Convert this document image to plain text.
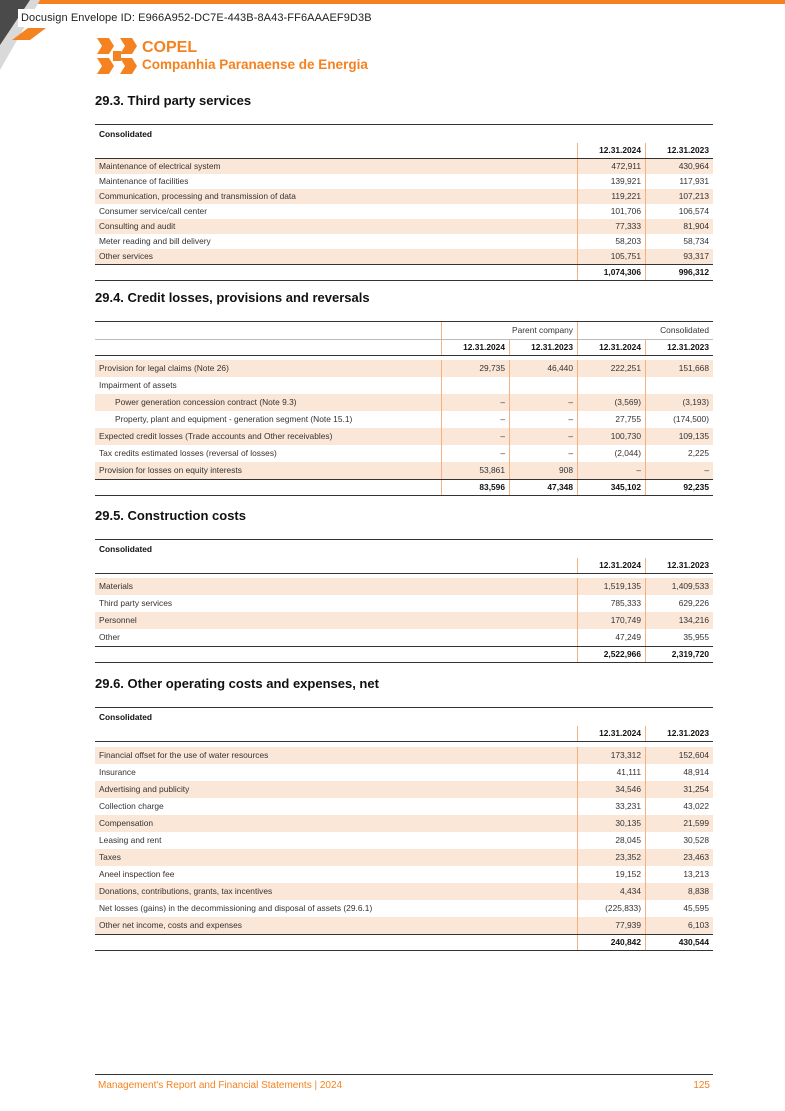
Docusign Envelope ID: E966A952-DC7E-443B-8A43-FF6AAAEF9D3B
COPEL
Companhia Paranaense de Energia
29.3. Third party services
Consolidated
12.31.2024	12.31.2023
Maintenance of electrical system	472,911	430,964
Maintenance of facilities	139,921	117,931
Communication, processing and transmission of data	119,221	107,213
Consumer service/call center	101,706	106,574
Consulting and audit	77,333	81,904
Meter reading and bill delivery	58,203	58,734
Other services	105,751	93,317
1,074,306	996,312
29.4. Credit losses, provisions and reversals
Parent company	Consolidated
12.31.2024	12.31.2023	12.31.2024	12.31.2023
Provision for legal claims (Note 26)	29,735	46,440	222,251	151,668
Impairment of assets
Power generation concession contract (Note 9.3)	–	–	(3,569)	(3,193)
Property, plant and equipment - generation segment (Note 15.1)	–	–	27,755	(174,500)
Expected credit losses (Trade accounts and Other receivables)	–	–	100,730	109,135
Tax credits estimated losses (reversal of losses)	–	–	(2,044)	2,225
Provision for losses on equity interests	53,861	908	–	–
83,596	47,348	345,102	92,235
29.5. Construction costs
Consolidated
12.31.2024	12.31.2023
Materials	1,519,135	1,409,533
Third party services	785,333	629,226
Personnel	170,749	134,216
Other	47,249	35,955
2,522,966	2,319,720
29.6. Other operating costs and expenses, net
Consolidated
12.31.2024	12.31.2023
Financial offset for the use of water resources	173,312	152,604
Insurance	41,111	48,914
Advertising and publicity	34,546	31,254
Collection charge	33,231	43,022
Compensation	30,135	21,599
Leasing and rent	28,045	30,528
Taxes	23,352	23,463
Aneel inspection fee	19,152	13,213
Donations, contributions, grants, tax incentives	4,434	8,838
Net losses (gains) in the decommissioning and disposal of assets (29.6.1)	(225,833)	45,595
Other net income, costs and expenses	77,939	6,103
240,842	430,544
Management's Report and Financial Statements | 2024	125
